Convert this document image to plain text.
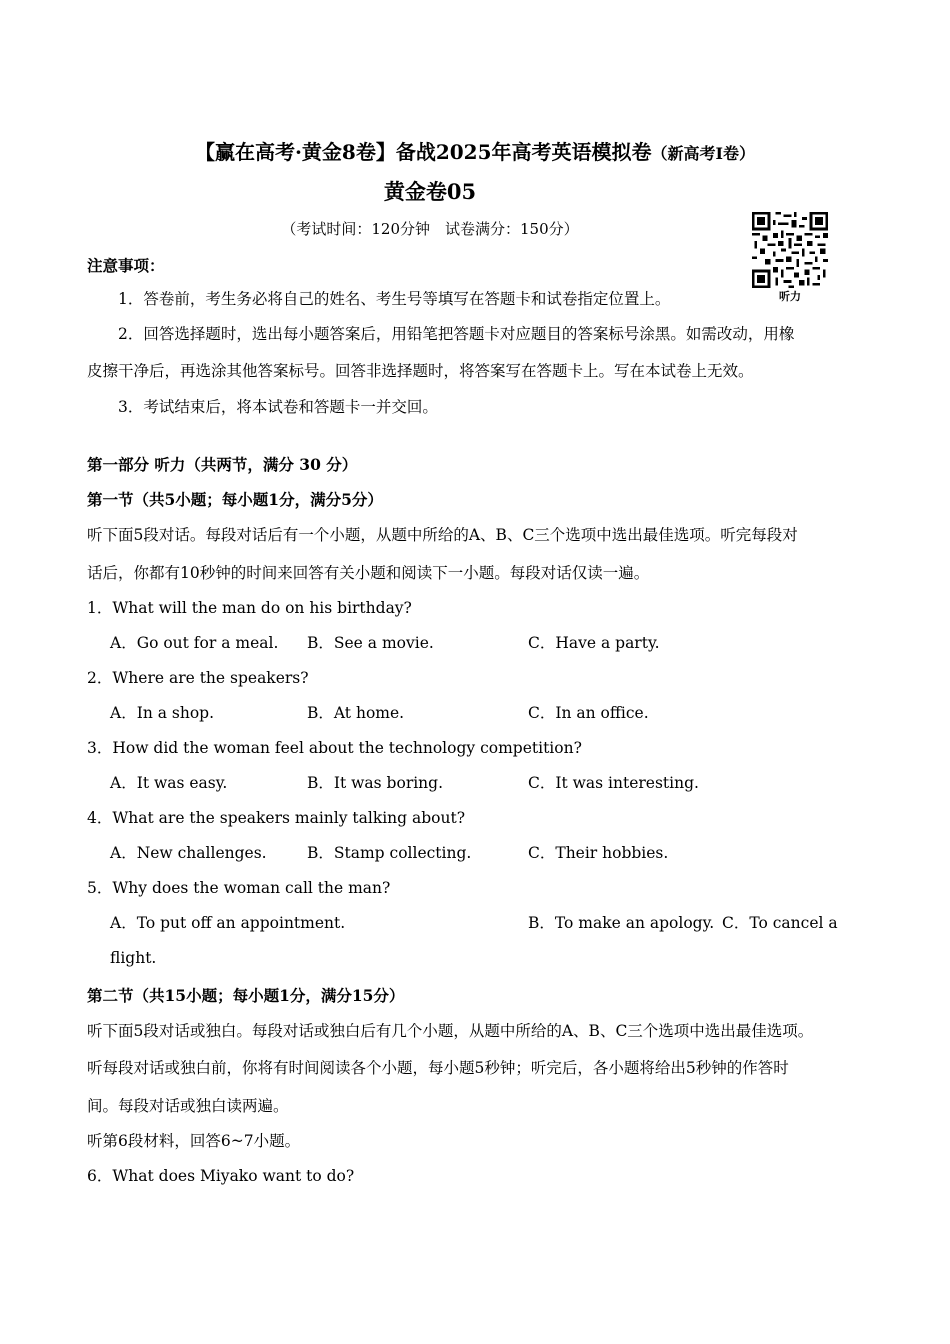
【赢在高考·黄金8卷】备战2025年高考英语模拟卷（新高考I卷）
黄金卷05
（考试时间：120分钟　试卷满分：150分）
听力
注意事项：
1．答卷前，考生务必将自己的姓名、考生号等填写在答题卡和试卷指定位置上。
2．回答选择题时，选出每小题答案后，用铅笔把答题卡对应题目的答案标号涂黑。如需改动，用橡
皮擦干净后，再选涂其他答案标号。回答非选择题时，将答案写在答题卡上。写在本试卷上无效。
3．考试结束后，将本试卷和答题卡一并交回。
第一部分 听力（共两节，满分 30 分）
第一节（共5小题；每小题1分，满分5分）
听下面5段对话。每段对话后有一个小题，从题中所给的A、B、C三个选项中选出最佳选项。听完每段对
话后，你都有10秒钟的时间来回答有关小题和阅读下一小题。每段对话仅读一遍。
1．What will the man do on his birthday?
A．Go out for a meal. B．See a movie.	C．Have a party.
2．Where are the speakers?
A．In a shop.	B．At home.	C．In an office.
3．How did the woman feel about the technology competition?
A．It was easy.	B．It was boring.	C．It was interesting.
4．What are the speakers mainly talking about?
A．New challenges.	B．Stamp collecting.	C．Their hobbies.
5．Why does the woman call the man?
A．To put off an appointment.	B．To make an apology. C．To cancel a
flight.
第二节（共15小题；每小题1分，满分15分）
听下面5段对话或独白。每段对话或独白后有几个小题，从题中所给的A、B、C三个选项中选出最佳选项。
听每段对话或独白前，你将有时间阅读各个小题，每小题5秒钟；听完后，各小题将给出5秒钟的作答时
间。每段对话或独白读两遍。
听第6段材料，回答6~7小题。
6．What does Miyako want to do?
